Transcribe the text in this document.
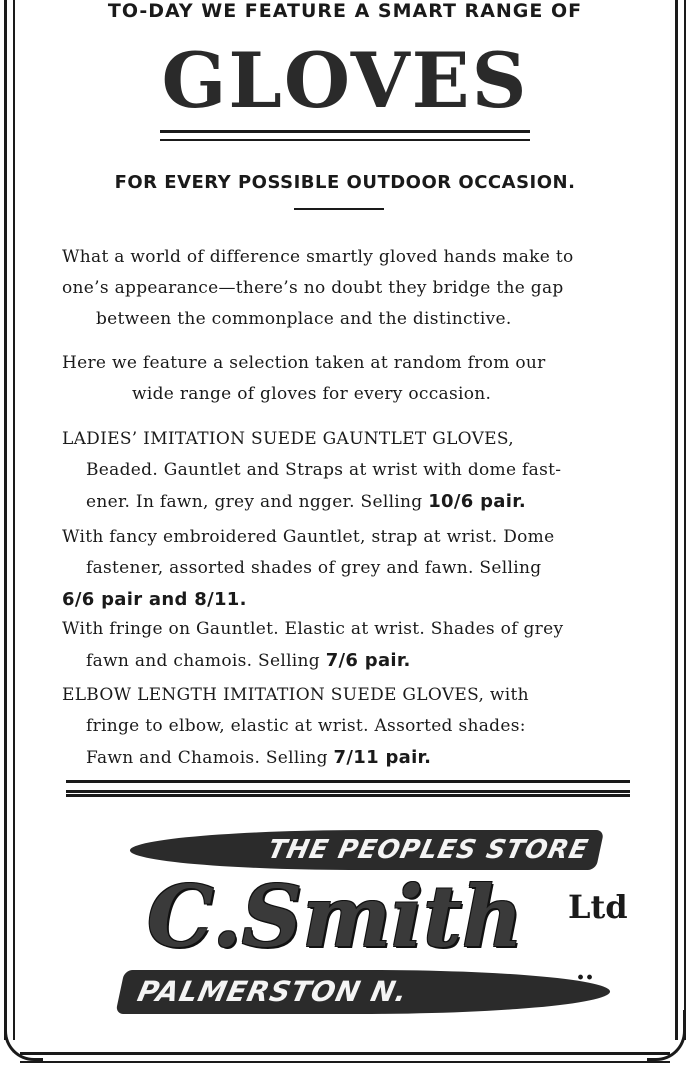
TO-DAY WE FEATURE A SMART RANGE OF
GLOVES
FOR EVERY POSSIBLE OUTDOOR OCCASION.
What a world of difference smartly gloved hands make to
one’s appearance—there’s no doubt they bridge the gap
between the commonplace and the distinctive.
Here we feature a selection taken at random from our
wide range of gloves for every occasion.
LADIES’ IMITATION SUEDE GAUNTLET GLOVES,
Beaded. Gauntlet and Straps at wrist with dome fast-
ener. In fawn, grey and ngger. Selling 10/6 pair.
With fancy embroidered Gauntlet, strap at wrist. Dome
fastener, assorted shades of grey and fawn. Selling
6/6 pair and 8/11.
With fringe on Gauntlet. Elastic at wrist. Shades of grey
fawn and chamois. Selling 7/6 pair.
ELBOW LENGTH IMITATION SUEDE GLOVES, with
fringe to elbow, elastic at wrist. Assorted shades:
Fawn and Chamois. Selling 7/11 pair.
THE PEOPLES STORE
C.Smith	Ltd
..
PALMERSTON N.
